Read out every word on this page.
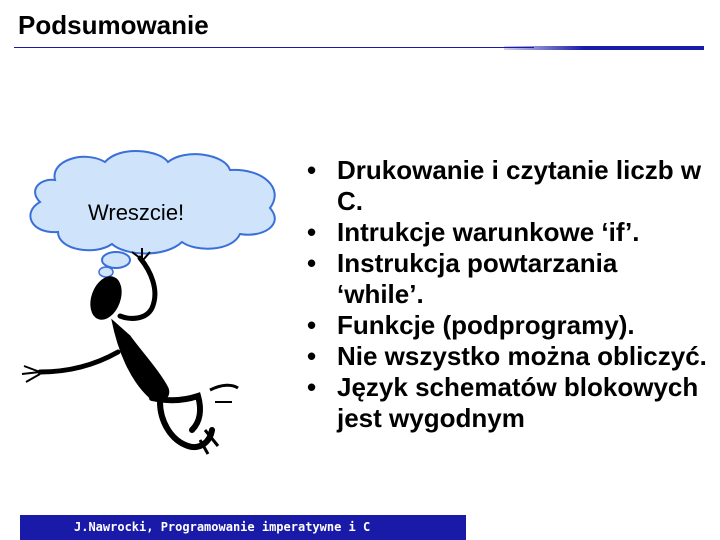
Podsumowanie
Wreszcie!
• Drukowanie i czytanie liczb w C.
• Intrukcje warunkowe ‘if’.
• Instrukcja powtarzania ‘while’.
• Funkcje (podprogramy).
• Nie wszystko można obliczyć.
• Język schematów blokowych jest wygodnym
J.Nawrocki, Programowanie imperatywne i C
